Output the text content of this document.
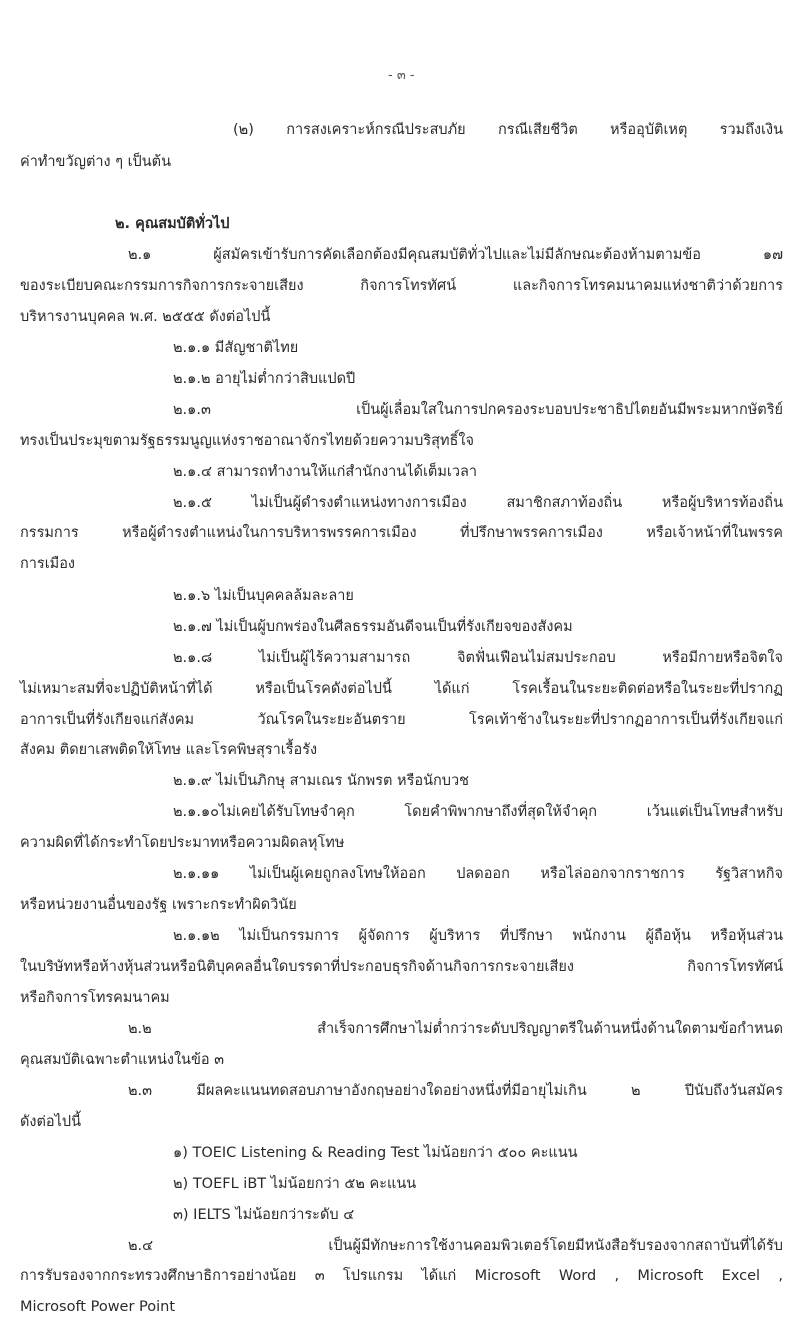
- ๓ -
(๒) การสงเคราะห์กรณีประสบภัย กรณีเสียชีวิต หรืออุบัติเหตุ รวมถึงเงิน
ค่าทำขวัญต่าง ๆ เป็นต้น
๒. คุณสมบัติทั่วไป
๒.๑ ผู้สมัครเข้ารับการคัดเลือกต้องมีคุณสมบัติทั่วไปและไม่มีลักษณะต้องห้ามตามข้อ ๑๗
ของระเบียบคณะกรรมการกิจการกระจายเสียง กิจการโทรทัศน์ และกิจการโทรคมนาคมแห่งชาติว่าด้วยการ
บริหารงานบุคคล พ.ศ. ๒๕๕๕ ดังต่อไปนี้
๒.๑.๑ มีสัญชาติไทย
๒.๑.๒ อายุไม่ต่ำกว่าสิบแปดปี
๒.๑.๓ เป็นผู้เลื่อมใสในการปกครองระบอบประชาธิปไตยอันมีพระมหากษัตริย์
ทรงเป็นประมุขตามรัฐธรรมนูญแห่งราชอาณาจักรไทยด้วยความบริสุทธิ์ใจ
๒.๑.๔ สามารถทำงานให้แก่สำนักงานได้เต็มเวลา
๒.๑.๕ ไม่เป็นผู้ดำรงตำแหน่งทางการเมือง สมาชิกสภาท้องถิ่น หรือผู้บริหารท้องถิ่น
กรรมการ หรือผู้ดำรงตำแหน่งในการบริหารพรรคการเมือง ที่ปรึกษาพรรคการเมือง หรือเจ้าหน้าที่ในพรรค
การเมือง
๒.๑.๖ ไม่เป็นบุคคลล้มละลาย
๒.๑.๗ ไม่เป็นผู้บกพร่องในศีลธรรมอันดีจนเป็นที่รังเกียจของสังคม
๒.๑.๘ ไม่เป็นผู้ไร้ความสามารถ จิตฟั่นเฟือนไม่สมประกอบ หรือมีกายหรือจิตใจ
ไม่เหมาะสมที่จะปฏิบัติหน้าที่ได้ หรือเป็นโรคดังต่อไปนี้ ได้แก่ โรคเรื้อนในระยะติดต่อหรือในระยะที่ปรากฏ
อาการเป็นที่รังเกียจแก่สังคม วัณโรคในระยะอันตราย โรคเท้าช้างในระยะที่ปรากฏอาการเป็นที่รังเกียจแก่
สังคม ติดยาเสพติดให้โทษ และโรคพิษสุราเรื้อรัง
๒.๑.๙ ไม่เป็นภิกษุ สามเณร นักพรต หรือนักบวช
๒.๑.๑๐ไม่เคยได้รับโทษจำคุก โดยคำพิพากษาถึงที่สุดให้จำคุก เว้นแต่เป็นโทษสำหรับ
ความผิดที่ได้กระทำโดยประมาทหรือความผิดลหุโทษ
๒.๑.๑๑ ไม่เป็นผู้เคยถูกลงโทษให้ออก ปลดออก หรือไล่ออกจากราชการ รัฐวิสาหกิจ
หรือหน่วยงานอื่นของรัฐ เพราะกระทำผิดวินัย
๒.๑.๑๒ ไม่เป็นกรรมการ ผู้จัดการ ผู้บริหาร ที่ปรึกษา พนักงาน ผู้ถือหุ้น หรือหุ้นส่วน
ในบริษัทหรือห้างหุ้นส่วนหรือนิติบุคคลอื่นใดบรรดาที่ประกอบธุรกิจด้านกิจการกระจายเสียง กิจการโทรทัศน์
หรือกิจการโทรคมนาคม
๒.๒ สำเร็จการศึกษาไม่ต่ำกว่าระดับปริญญาตรีในด้านหนึ่งด้านใดตามข้อกำหนด
คุณสมบัติเฉพาะตำแหน่งในข้อ ๓
๒.๓ มีผลคะแนนทดสอบภาษาอังกฤษอย่างใดอย่างหนึ่งที่มีอายุไม่เกิน ๒ ปีนับถึงวันสมัคร
ดังต่อไปนี้
๑) TOEIC Listening & Reading Test ไม่น้อยกว่า ๕๐๐ คะแนน
๒) TOEFL iBT ไม่น้อยกว่า ๕๒ คะแนน
๓) IELTS ไม่น้อยกว่าระดับ ๔
๒.๔ เป็นผู้มีทักษะการใช้งานคอมพิวเตอร์โดยมีหนังสือรับรองจากสถาบันที่ได้รับ
การรับรองจากกระทรวงศึกษาธิการอย่างน้อย ๓ โปรแกรม ได้แก่ Microsoft Word , Microsoft Excel ,
Microsoft Power Point
